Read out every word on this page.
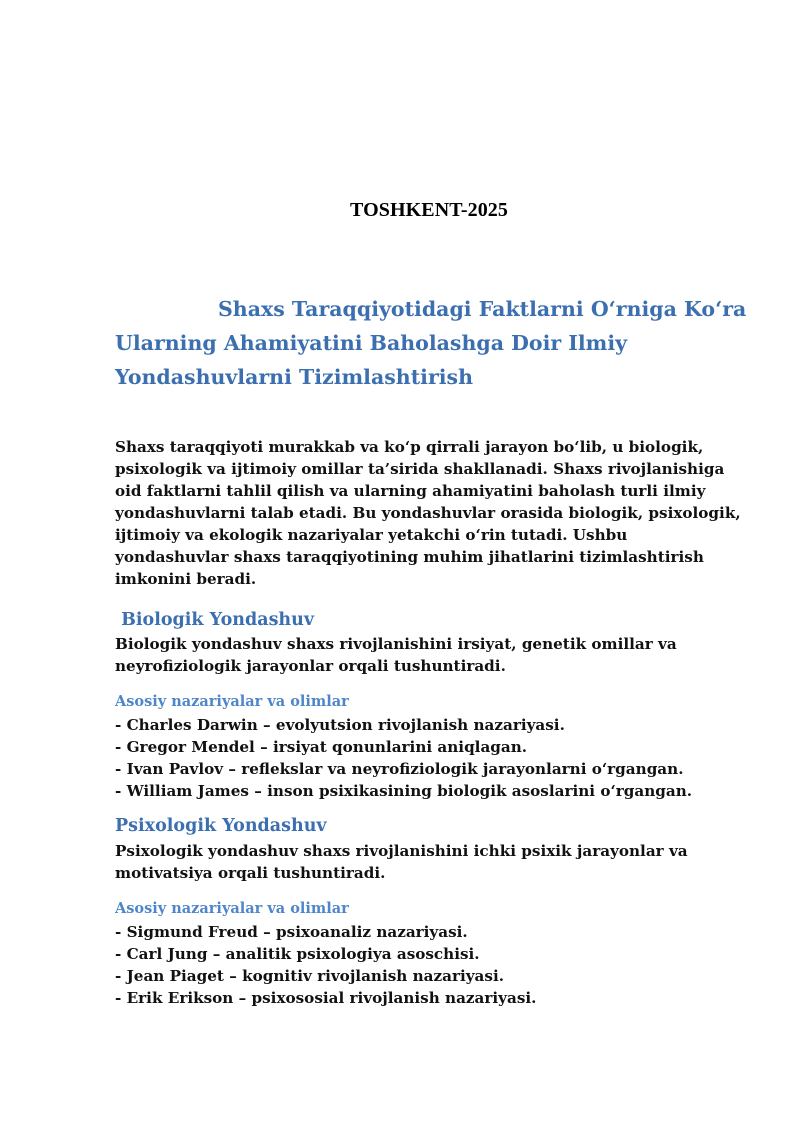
TOSHKENT-2025
Shaxs Taraqqiyotidagi Faktlarni O‘rniga Ko‘ra
Ularning Ahamiyatini Baholashga Doir Ilmiy
Yondashuvlarni Tizimlashtirish

Shaxs taraqqiyoti murakkab va ko‘p qirrali jarayon bo‘lib, u biologik, psixologik va ijtimoiy omillar ta’sirida shakllanadi. Shaxs rivojlanishiga oid faktlarni tahlil qilish va ularning ahamiyatini baholash turli ilmiy yondashuvlarni talab etadi. Bu yondashuvlar orasida biologik, psixologik, ijtimoiy va ekologik nazariyalar yetakchi o‘rin tutadi. Ushbu yondashuvlar shaxs taraqqiyotining muhim jihatlarini tizimlashtirish imkonini beradi.

Biologik Yondashuv

Biologik yondashuv shaxs rivojlanishini irsiyat, genetik omillar va neyrofiziologik jarayonlar orqali tushuntiradi.

Asosiy nazariyalar va olimlar
- Charles Darwin – evolyutsion rivojlanish nazariyasi.
- Gregor Mendel – irsiyat qonunlarini aniqlagan.
- Ivan Pavlov – reflekslar va neyrofiziologik jarayonlarni o‘rgangan.
- William James – inson psixikasining biologik asoslarini o‘rgangan.
Psixologik Yondashuv

Psixologik yondashuv shaxs rivojlanishini ichki psixik jarayonlar va motivatsiya orqali tushuntiradi.

Asosiy nazariyalar va olimlar
- Sigmund Freud – psixoanaliz nazariyasi.
- Carl Jung – analitik psixologiya asoschisi.
- Jean Piaget – kognitiv rivojlanish nazariyasi.
- Erik Erikson – psixososial rivojlanish nazariyasi.
